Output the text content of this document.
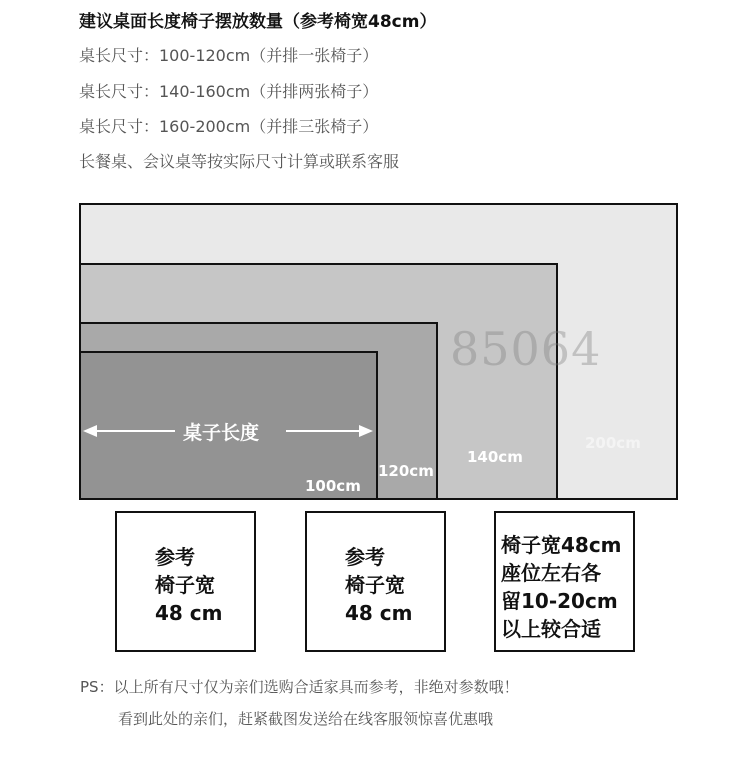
建议桌面长度椅子摆放数量（参考椅宽48cm）
桌长尺寸：100-120cm（并排一张椅子）
桌长尺寸：140-160cm（并排两张椅子）
桌长尺寸：160-200cm（并排三张椅子）
长餐桌、会议桌等按实际尺寸计算或联系客服
85064
桌子长度	200cm
140cm
120cm
100cm
参考
椅子宽
48 cm
参考
椅子宽
48 cm
椅子宽48cm
座位左右各
留10-20cm
以上较合适
PS：以上所有尺寸仅为亲们选购合适家具而参考，非绝对参数哦！
看到此处的亲们，赶紧截图发送给在线客服领惊喜优惠哦
